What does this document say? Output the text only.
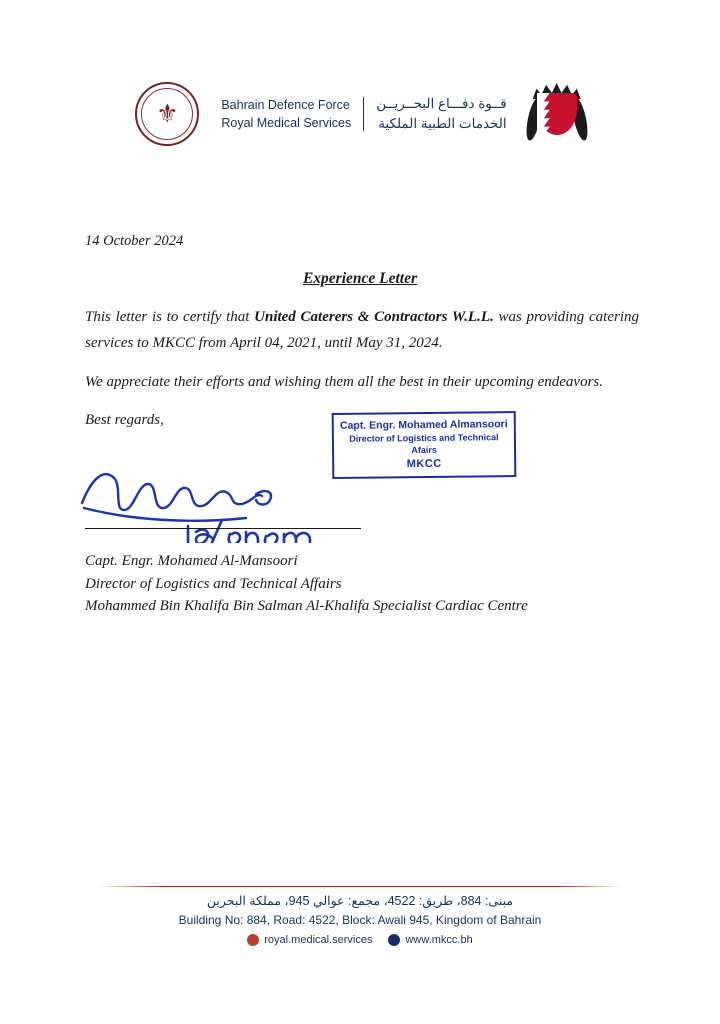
⚜	Bahrain Defence Force
Royal Medical Services
قــوة دفـــاع البحــريــن
الخدمات الطبية الملكية
14 October 2024
Experience Letter
This letter is to certify that United Caterers & Contractors W.L.L. was providing catering services to MKCC from April 04, 2021, until May 31, 2024.
We appreciate their efforts and wishing them all the best in their upcoming endeavors.
Best regards,	Capt. Engr. Mohamed Almansoori
Director of Logistics and Technical Afairs
MKCC
Capt. Engr. Mohamed Al-Mansoori
Director of Logistics and Technical Affairs
Mohammed Bin Khalifa Bin Salman Al-Khalifa Specialist Cardiac Centre
مبنى: 884، طريق: 4522، مجمع: عوالي 945، مملكة البحرين
Building No: 884, Road: 4522, Block: Awali 945, Kingdom of Bahrain
royal.medical.services	www.mkcc.bh
